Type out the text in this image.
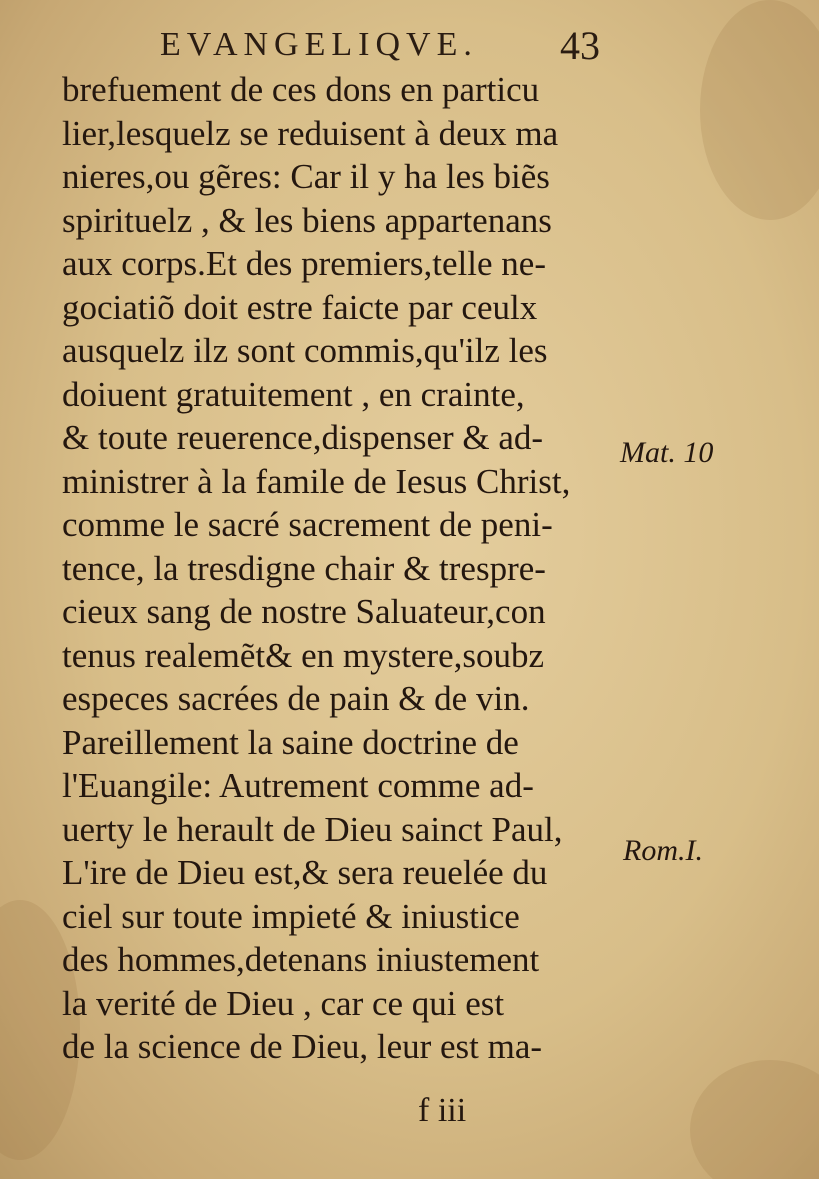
EVANGELIQVE. 43
brefuement de ces dons en particu
lier,lesquelz se reduisent à deux ma
nieres,ou gẽres: Car il y ha les biẽs
spirituelz , & les biens appartenans
aux corps.Et des premiers,telle ne-
gociatiõ doit estre faicte par ceulx
ausquelz ilz sont commis,qu'ilz les
doiuent gratuitement , en crainte,
& toute reuerence,dispenser & ad-
ministrer à la famile de Iesus Christ,
comme le sacré sacrement de peni-
tence, la tresdigne chair & trespre-
cieux sang de nostre Saluateur,con
tenus realemẽt& en mystere,soubz
especes sacrées de pain & de vin.
Pareillement la saine doctrine de
l'Euangile: Autrement comme ad-
uerty le herault de Dieu sainct Paul,
L'ire de Dieu est,& sera reuelée du
ciel sur toute impieté & iniustice
des hommes,detenans iniustement
la verité de Dieu , car ce qui est
de la science de Dieu, leur est ma-
Mat. 10
Rom.I.
f iii
